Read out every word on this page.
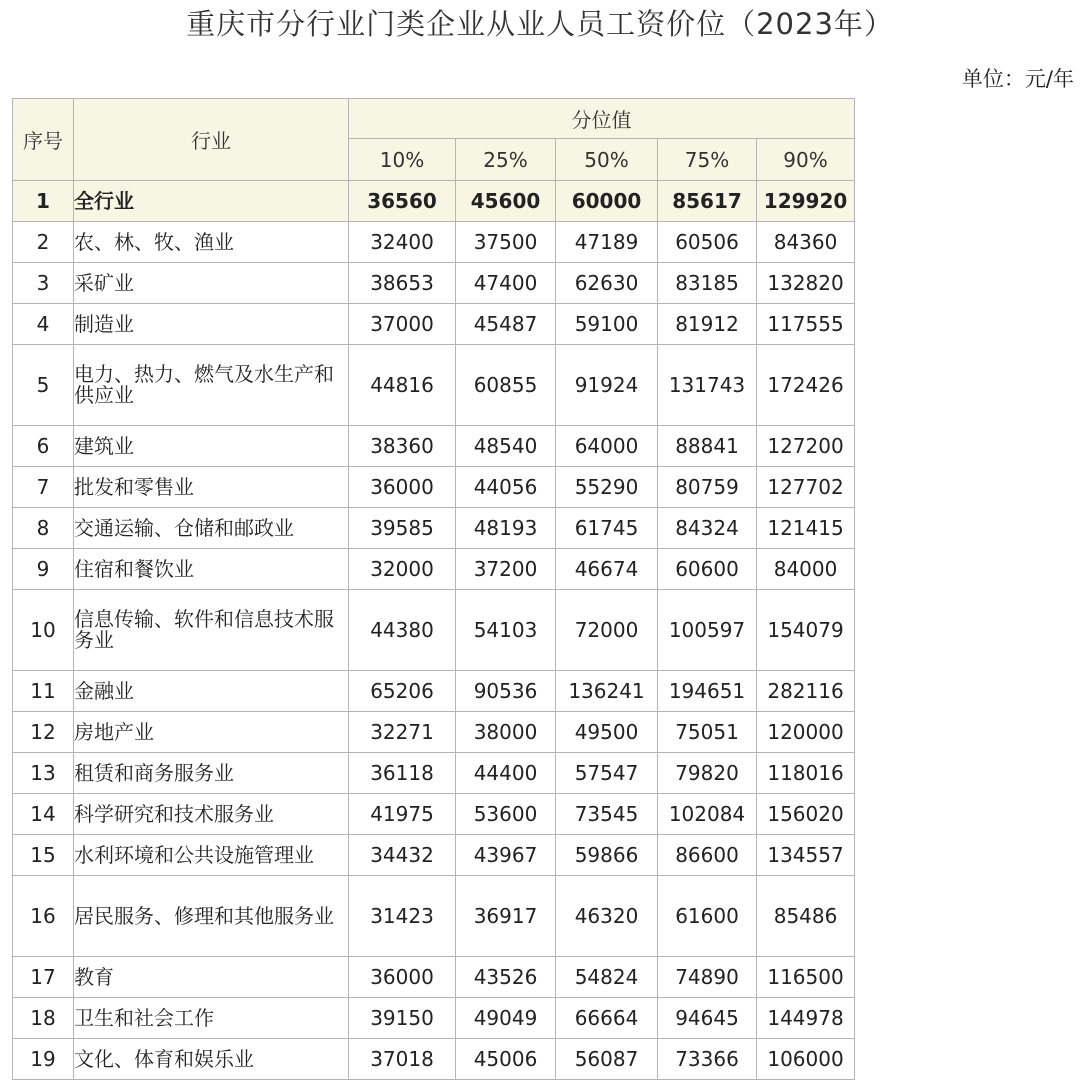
重庆市分行业门类企业从业人员工资价位（2023年）
单位：元/年
序号	行业	分位值				
		10%	25%	50%	75%	90%
1	全行业	36560	45600	60000	85617	129920
2	农、林、牧、渔业	32400	37500	47189	60506	84360
3	采矿业	38653	47400	62630	83185	132820
4	制造业	37000	45487	59100	81912	117555
5	电力、热力、燃气及水生产和供应业	44816	60855	91924	131743	172426
6	建筑业	38360	48540	64000	88841	127200
7	批发和零售业	36000	44056	55290	80759	127702
8	交通运输、仓储和邮政业	39585	48193	61745	84324	121415
9	住宿和餐饮业	32000	37200	46674	60600	84000
10	信息传输、软件和信息技术服务业	44380	54103	72000	100597	154079
11	金融业	65206	90536	136241	194651	282116
12	房地产业	32271	38000	49500	75051	120000
13	租赁和商务服务业	36118	44400	57547	79820	118016
14	科学研究和技术服务业	41975	53600	73545	102084	156020
15	水利环境和公共设施管理业	34432	43967	59866	86600	134557
16	居民服务、修理和其他服务业	31423	36917	46320	61600	85486
17	教育	36000	43526	54824	74890	116500
18	卫生和社会工作	39150	49049	66664	94645	144978
19	文化、体育和娱乐业	37018	45006	56087	73366	106000
